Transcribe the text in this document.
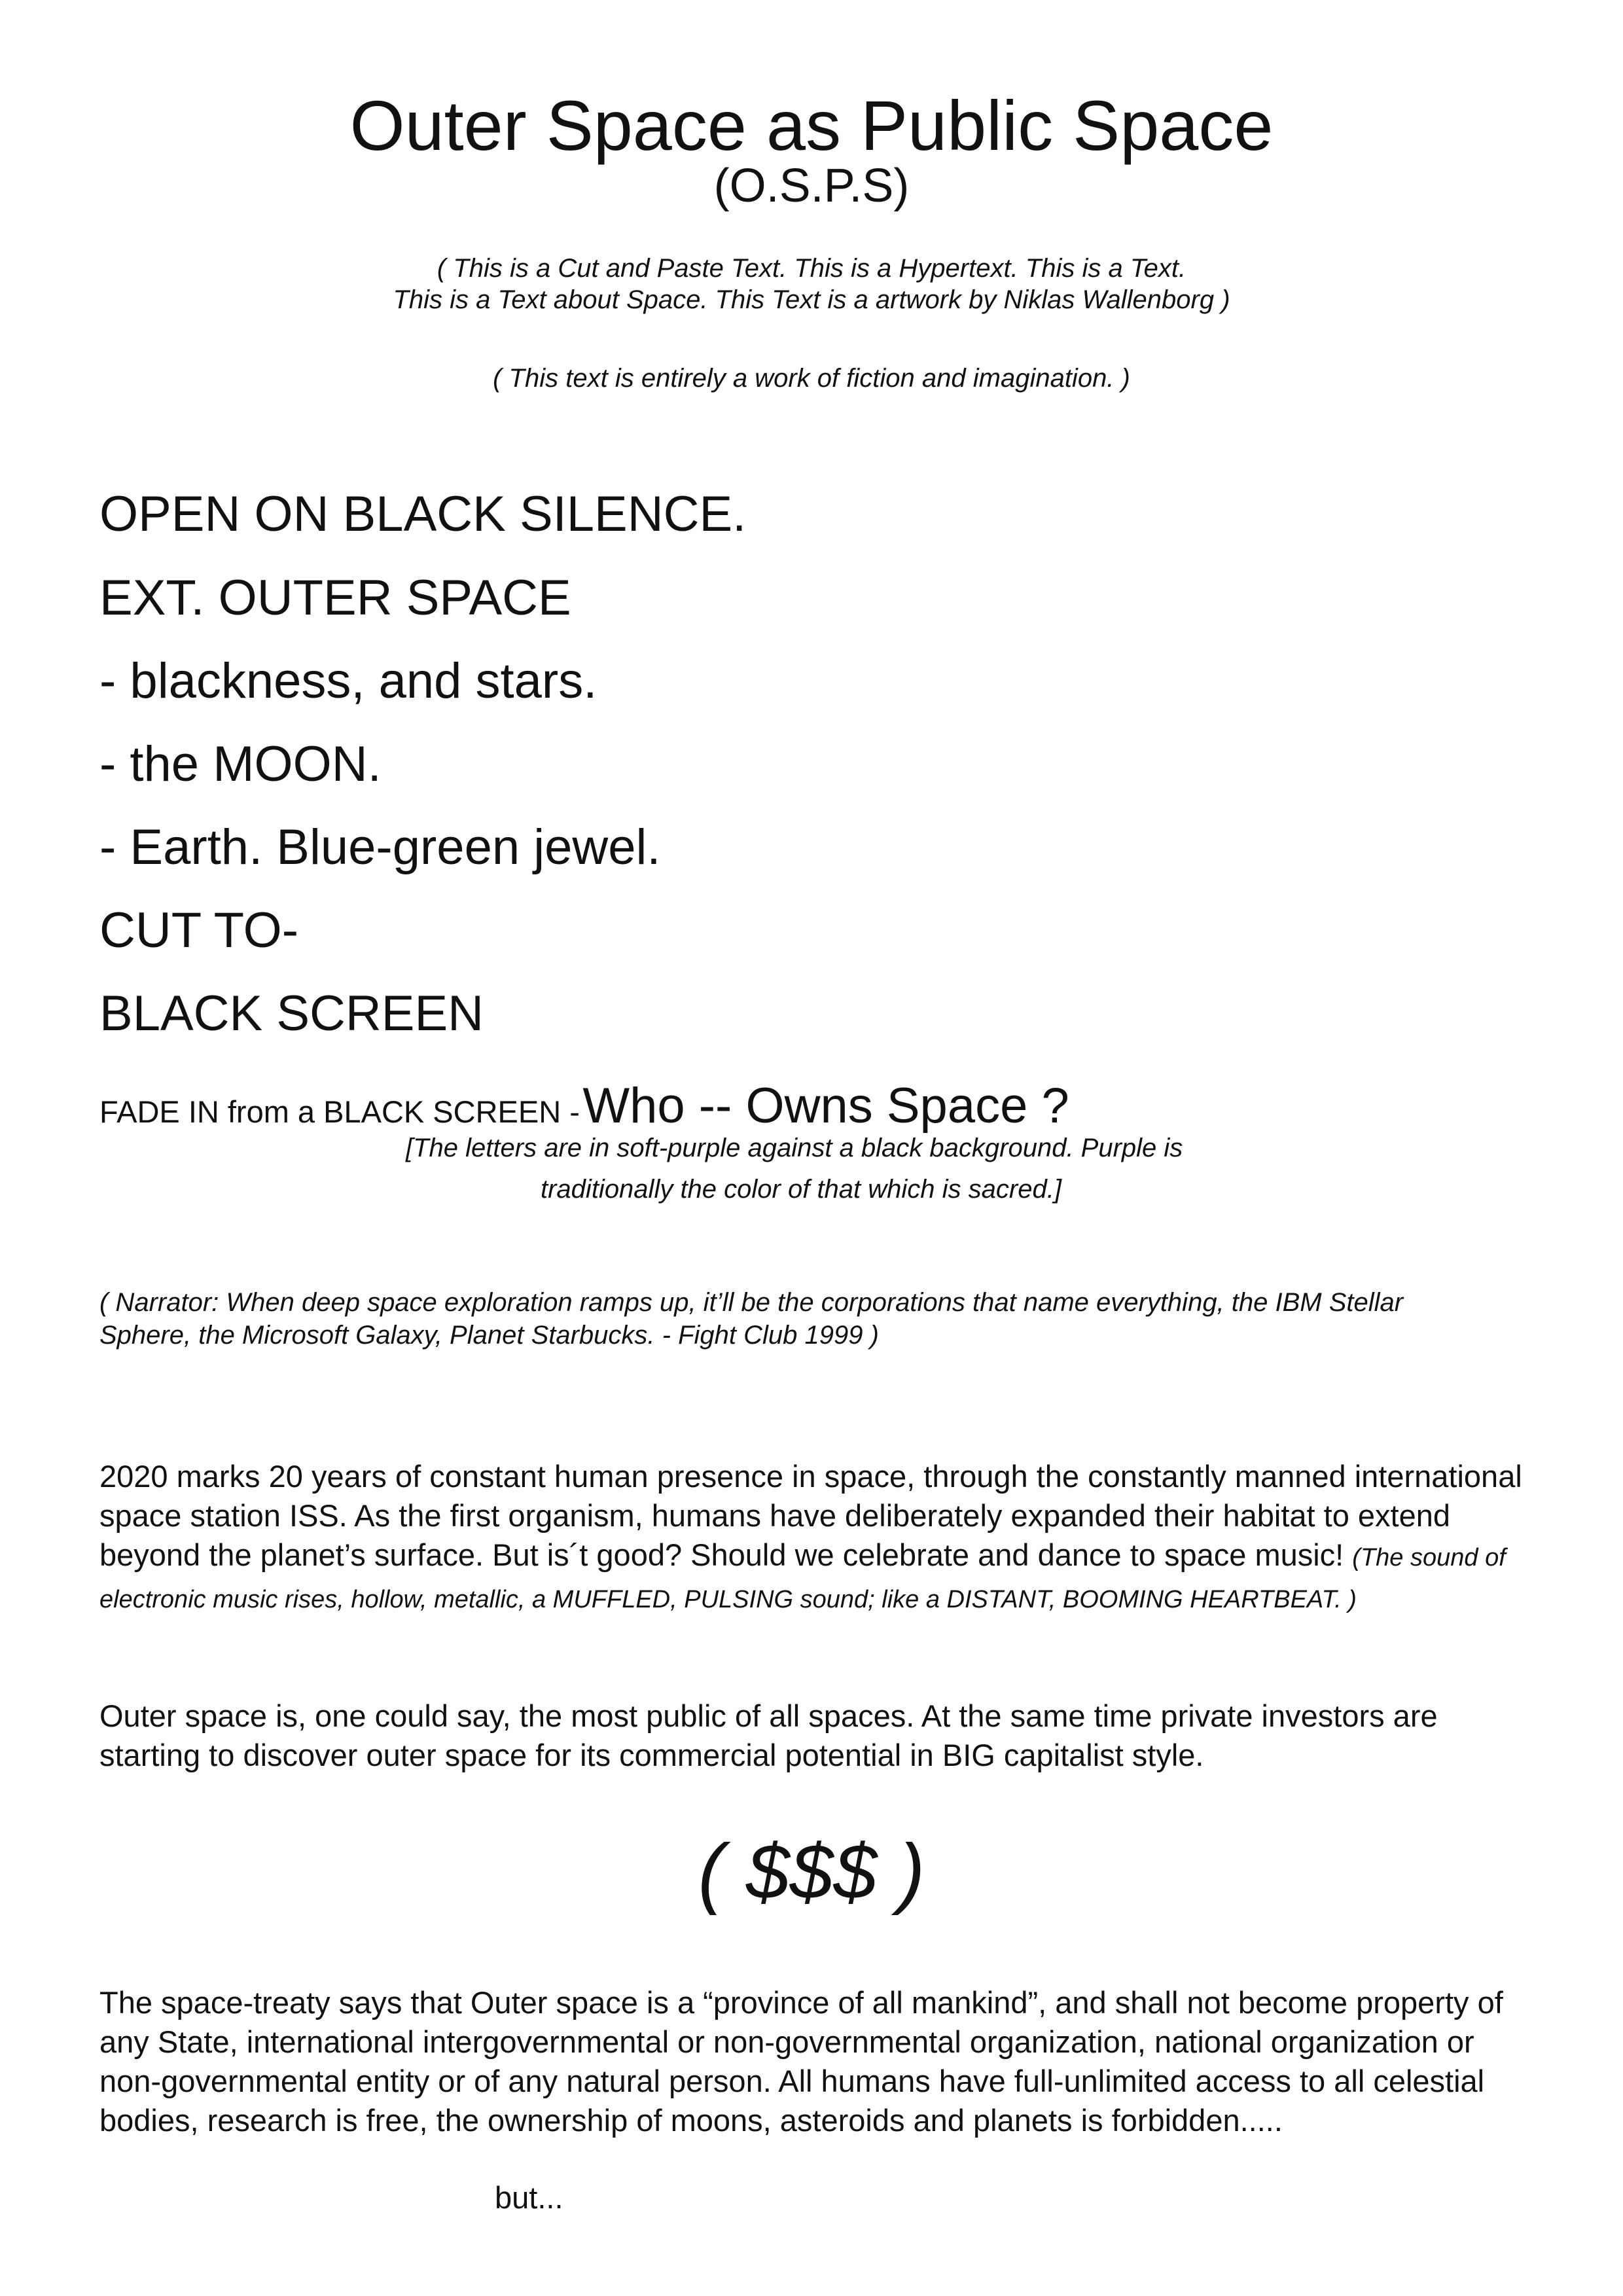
Outer Space as Public Space
(O.S.P.S)
( This is a Cut and Paste Text. This is a Hypertext. This is a Text.
This is a Text about Space. This Text is a artwork by Niklas Wallenborg )
( This text is entirely a work of fiction and imagination. )
OPEN ON BLACK SILENCE.
EXT. OUTER SPACE
- blackness, and stars.
- the MOON.
- Earth. Blue-green jewel.
CUT TO-
BLACK SCREEN
FADE IN from a BLACK SCREEN - Who -- Owns Space ?
[The letters are in soft-purple against a black background. Purple is
traditionally the color of that which is sacred.]
( Narrator: When deep space exploration ramps up, it’ll be the corporations that name everything, the IBM Stellar
Sphere, the Microsoft Galaxy, Planet Starbucks. - Fight Club 1999 )

2020 marks 20 years of constant human presence in space, through the constantly manned international space station ISS. As the first organism, humans have deliberately expanded their habitat to extend beyond the planet’s surface. But is´t good? Should we celebrate and dance to space music! (The sound of electronic music rises, hollow, metallic, a MUFFLED, PULSING sound; like a DISTANT, BOOMING HEARTBEAT. )

Outer space is, one could say, the most public of all spaces. At the same time private investors are starting to discover outer space for its commercial potential in BIG capitalist style.

( $$$ )

The space-treaty says that Outer space is a “province of all mankind”, and shall not become property of any State, international intergovernmental or non-governmental organization, national organization or non-governmental entity or of any natural person. All humans have full-unlimited access to all celestial bodies, research is free, the ownership of moons, asteroids and planets is forbidden.....

but...
